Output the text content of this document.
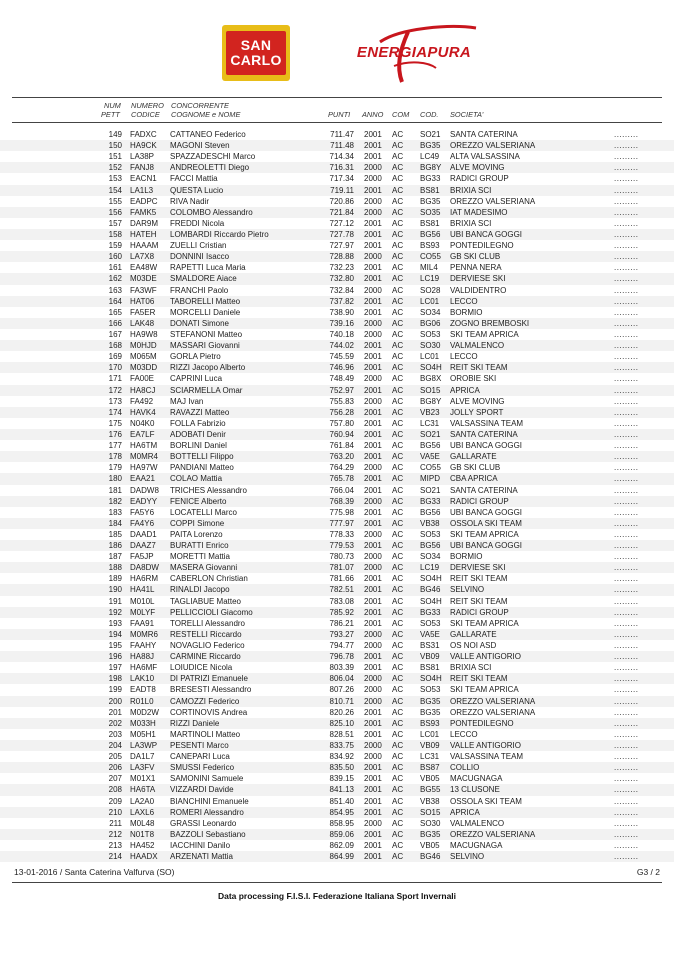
SAN
CARLO	ENERGIAPURA
NUM
PETT
NUMERO
CODICE
CONCORRENTE
COGNOME e NOME	PUNTI ANNO COM COD. SOCIETA'
149 FADXC CATTANEO Federico	711.47 2001 AC SO21 SANTA CATERINA	.........
150 HA9CK MAGONI Steven	711.48 2001 AC BG35 OREZZO VALSERIANA	.........
151 LA38P SPAZZADESCHI Marco	714.34 2001 AC LC49 ALTA VALSASSINA	.........
152 FANJ8 ANDREOLETTI Diego	716.31 2000 AC BG8Y ALVE MOVING	.........
153 EACN1 FACCI Mattia	717.34 2000 AC BG33 RADICI GROUP	.........
154 LA1L3 QUESTA Lucio	719.11 2001 AC BS81 BRIXIA SCI	.........
155 EADPC RIVA Nadir	720.86 2000 AC BG35 OREZZO VALSERIANA	.........
156 FAMK5 COLOMBO Alessandro	721.84 2000 AC SO35 IAT MADESIMO	.........
157 DAR9M FREDDI Nicola	727.12 2001 AC BS81 BRIXIA SCI	.........
158 HATEH LOMBARDI Riccardo Pietro	727.78 2001 AC BG56 UBI BANCA GOGGI	.........
159 HAAAM ZUELLI Cristian	727.97 2001 AC BS93 PONTEDILEGNO	.........
160 LA7X8 DONNINI Isacco	728.88 2000 AC CO55 GB SKI CLUB	.........
161 EA48W RAPETTI Luca Maria	732.23 2001 AC MIL4 PENNA NERA	.........
162 M03DE SMALDORE Aiace	732.80 2001 AC LC19 DERVIESE SKI	.........
163 FA3WF FRANCHI Paolo	732.84 2000 AC SO28 VALDIDENTRO	.........
164 HAT06 TABORELLI Matteo	737.82 2001 AC LC01 LECCO	.........
165 FA5ER MORCELLI Daniele	738.90 2001 AC SO34 BORMIO	.........
166 LAK48 DONATI Simone	739.16 2000 AC BG06 ZOGNO BREMBOSKI	.........
167 HA9W8 STEFANONI Matteo	740.18 2000 AC SO53 SKI TEAM APRICA	.........
168 M0HJD MASSARI Giovanni	744.02 2001 AC SO30 VALMALENCO	.........
169 M065M GORLA Pietro	745.59 2001 AC LC01 LECCO	.........
170 M03DD RIZZI Jacopo Alberto	746.96 2001 AC SO4H REIT SKI TEAM	.........
171 FA00E CAPRINI Luca	748.49 2000 AC BG8X OROBIE SKI	.........
172 HA8CJ SCIARMELLA Omar	752.97 2001 AC SO15 APRICA	.........
173 FA492 MAJ Ivan	755.83 2000 AC BG8Y ALVE MOVING	.........
174 HAVK4 RAVAZZI Matteo	756.28 2001 AC VB23 JOLLY SPORT	.........
175 N04K0 FOLLA Fabrizio	757.80 2001 AC LC31 VALSASSINA TEAM	.........
176 EA7LF ADOBATI Denir	760.94 2001 AC SO21 SANTA CATERINA	.........
177 HA6TM BORLINI Daniel	761.84 2001 AC BG56 UBI BANCA GOGGI	.........
178 M0MR4 BOTTELLI Filippo	763.20 2001 AC VA5E GALLARATE	.........
179 HA97W PANDIANI Matteo	764.29 2000 AC CO55 GB SKI CLUB	.........
180 EAA21 COLAO Mattia	765.78 2001 AC MIPD CBA APRICA	.........
181 DADW8 TRICHES Alessandro	766.04 2001 AC SO21 SANTA CATERINA	.........
182 EADYY FENICE Alberto	768.39 2000 AC BG33 RADICI GROUP	.........
183 FA5Y6 LOCATELLI Marco	775.98 2001 AC BG56 UBI BANCA GOGGI	.........
184 FA4Y6 COPPI Simone	777.97 2001 AC VB38 OSSOLA SKI TEAM	.........
185 DAAD1 PAITA Lorenzo	778.33 2000 AC SO53 SKI TEAM APRICA	.........
186 DAAZ7 BURATTI Enrico	779.53 2001 AC BG56 UBI BANCA GOGGI	.........
187 FA5JP MORETTI Mattia	780.73 2000 AC SO34 BORMIO	.........
188 DA8DW MASERA Giovanni	781.07 2000 AC LC19 DERVIESE SKI	.........
189 HA6RM CABERLON Christian	781.66 2001 AC SO4H REIT SKI TEAM	.........
190 HA41L RINALDI Jacopo	782.51 2001 AC BG46 SELVINO	.........
191 M010L TAGLIABUE Matteo	783.08 2001 AC SO4H REIT SKI TEAM	.........
192 M0LYF PELLICCIOLI Giacomo	785.92 2001 AC BG33 RADICI GROUP	.........
193 FAA91 TORELLI Alessandro	786.21 2001 AC SO53 SKI TEAM APRICA	.........
194 M0MR6 RESTELLI Riccardo	793.27 2000 AC VA5E GALLARATE	.........
195 FAAHY NOVAGLIO Federico	794.77 2000 AC BS31 OS NOI ASD	.........
196 HA88J CARMINE Riccardo	796.78 2001 AC VB09 VALLE ANTIGORIO	.........
197 HA6MF LOIUDICE Nicola	803.39 2001 AC BS81 BRIXIA SCI	.........
198 LAK10 DI PATRIZI Emanuele	806.04 2000 AC SO4H REIT SKI TEAM	.........
199 EADT8 BRESESTI Alessandro	807.26 2000 AC SO53 SKI TEAM APRICA	.........
200 R01L0 CAMOZZI Federico	810.71 2000 AC BG35 OREZZO VALSERIANA	.........
201 M0D2W CORTINOVIS Andrea	820.26 2001 AC BG35 OREZZO VALSERIANA	.........
202 M033H RIZZI Daniele	825.10 2001 AC BS93 PONTEDILEGNO	.........
203 M05H1 MARTINOLI Matteo	828.51 2001 AC LC01 LECCO	.........
204 LA3WP PESENTI Marco	833.75 2000 AC VB09 VALLE ANTIGORIO	.........
205 DA1L7 CANEPARI Luca	834.92 2000 AC LC31 VALSASSINA TEAM	.........
206 LA3FV SMUSSI Federico	835.50 2001 AC BS87 COLLIO	.........
207 M01X1 SAMONINI Samuele	839.15 2001 AC VB05 MACUGNAGA	.........
208 HA6TA VIZZARDI Davide	841.13 2001 AC BG55 13 CLUSONE	.........
209 LA2A0 BIANCHINI Emanuele	851.40 2001 AC VB38 OSSOLA SKI TEAM	.........
210 LAXL6 ROMERI Alessandro	854.95 2001 AC SO15 APRICA	.........
211 M0L48 GRASSI Leonardo	858.95 2000 AC SO30 VALMALENCO	.........
212 N01T8 BAZZOLI Sebastiano	859.06 2001 AC BG35 OREZZO VALSERIANA	.........
213 HA452 IACCHINI Danilo	862.09 2001 AC VB05 MACUGNAGA	.........
214 HAADX ARZENATI Mattia	864.99 2001 AC BG46 SELVINO	.........
13-01-2016 / Santa Caterina Valfurva (SO)	G3 / 2
Data processing F.I.S.I. Federazione Italiana Sport Invernali
